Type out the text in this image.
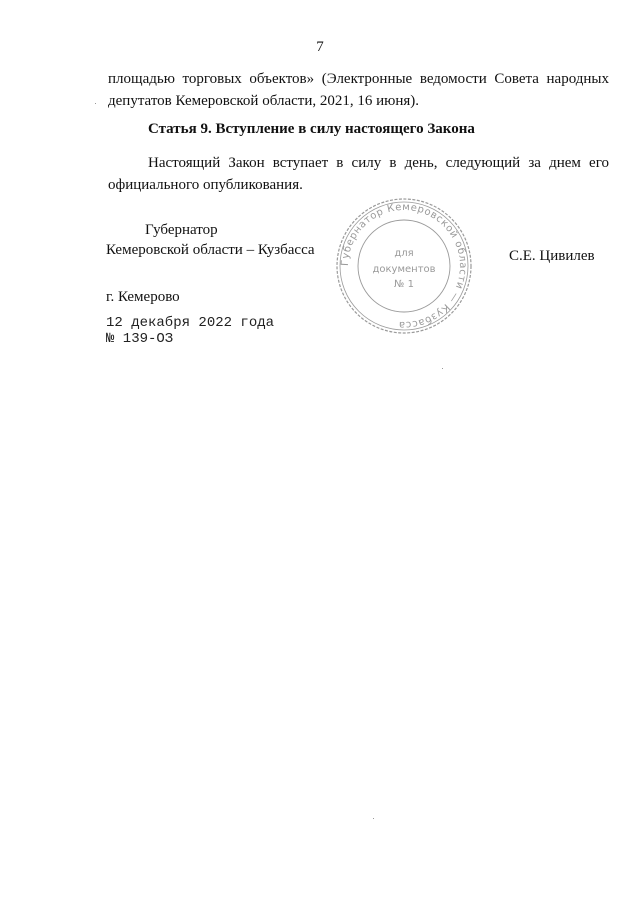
7
площадью торговых объектов» (Электронные ведомости Совета народных
депутатов Кемеровской области, 2021, 16 июня).
Статья 9. Вступление в силу настоящего Закона
Настоящий Закон вступает в силу в день, следующий за днем его
официального опубликования.
Губернатор
Кемеровской области – Кузбасса	С.Е. Цивилев
Губернатор Кемеровской области — Кузбасса
для
документов
№ 1
г. Кемерово
12 декабря 2022 года
№ 139-ОЗ
